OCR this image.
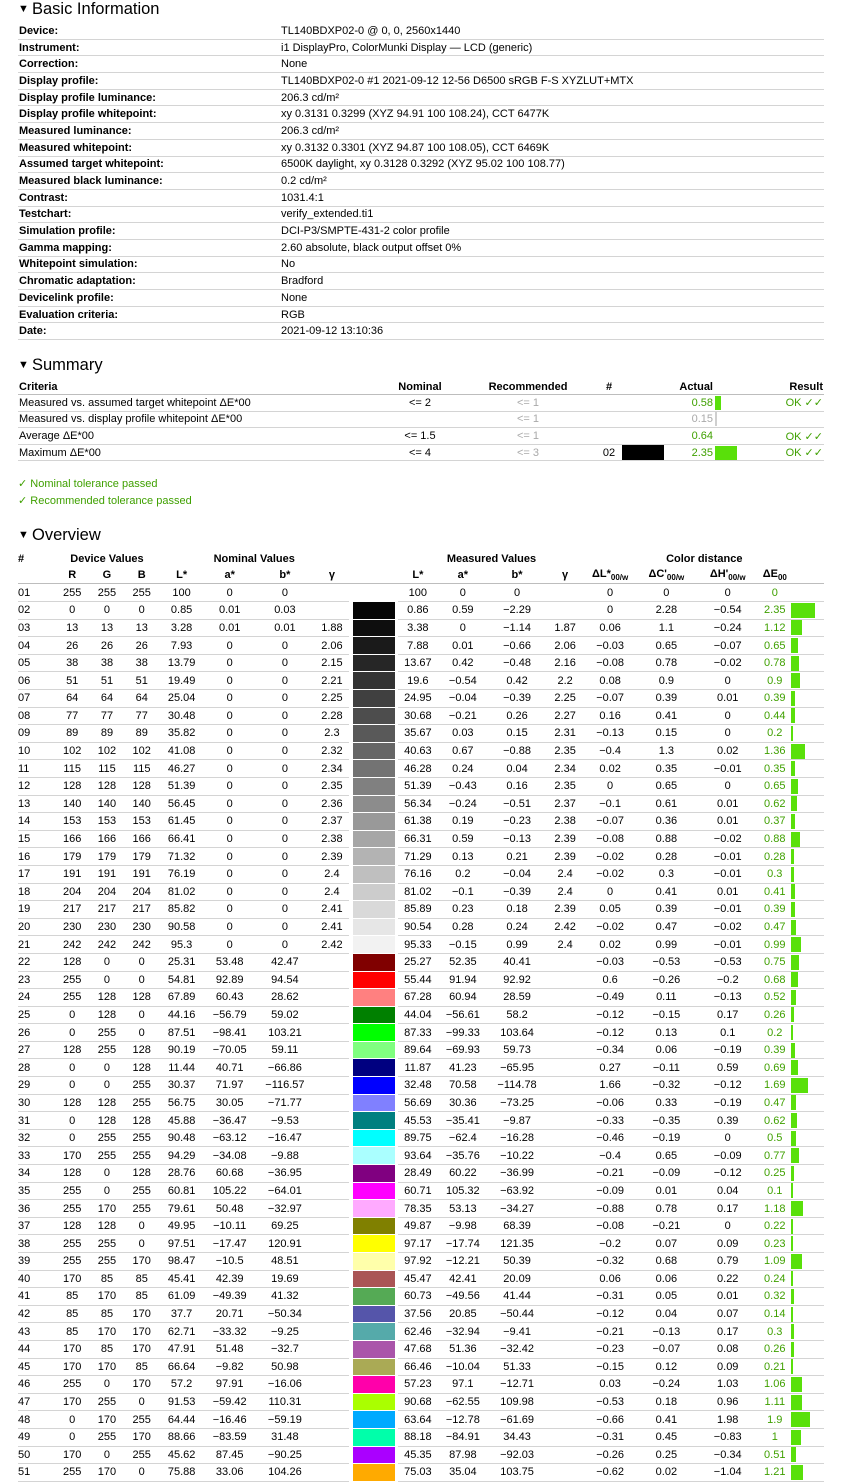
▼ Basic Information
Device:	TL140BDXP02-0 @ 0, 0, 2560x1440
Instrument:	i1 DisplayPro, ColorMunki Display — LCD (generic)
Correction:	None
Display profile:	TL140BDXP02-0 #1 2021-09-12 12-56 D6500 sRGB F-S XYZLUT+MTX
Display profile luminance:	206.3 cd/m²
Display profile whitepoint:	xy 0.3131 0.3299 (XYZ 94.91 100 108.24), CCT 6477K
Measured luminance:	206.3 cd/m²
Measured whitepoint:	xy 0.3132 0.3301 (XYZ 94.87 100 108.05), CCT 6469K
Assumed target whitepoint:	6500K daylight, xy 0.3128 0.3292 (XYZ 95.02 100 108.77)
Measured black luminance:	0.2 cd/m²
Contrast:	1031.4:1
Testchart:	verify_extended.ti1
Simulation profile:	DCI-P3/SMPTE-431-2 color profile
Gamma mapping:	2.60 absolute, black output offset 0%
Whitepoint simulation:	No
Chromatic adaptation:	Bradford
Devicelink profile:	None
Evaluation criteria:	RGB
Date:	2021-09-12 13:10:36
▼ Summary
Criteria	Nominal	Recommended	#		Actual		Result
Measured vs. assumed target whitepoint ΔE*00	<= 2	<= 1			0.58		OK ✓✓
Measured vs. display profile whitepoint ΔE*00		<= 1			0.15		
Average ΔE*00	<= 1.5	<= 1			0.64		OK ✓✓
Maximum ΔE*00	<= 4	<= 3	02		2.35		OK ✓✓
✓ Nominal tolerance passed
✓ Recommended tolerance passed
▼ Overview
#	Device Values			Nominal Values					Measured Values				Color distance				
	R	G	B	L*	a*	b*	γ		L*	a*	b*	γ	$\Delta L*_{00/w}$	$\Delta C'_{00/w}$	$\Delta H'_{00/w}$	$\Delta E_{00}$	
01	255	255	255	100	0	0			100	0	0		0	0	0	0	
02	0	0	0	0.85	0.01	0.03			0.86	0.59	−2.29		0	2.28	−0.54	2.35	
03	13	13	13	3.28	0.01	0.01	1.88		3.38	0	−1.14	1.87	0.06	1.1	−0.24	1.12	
04	26	26	26	7.93	0	0	2.06		7.88	0.01	−0.66	2.06	−0.03	0.65	−0.07	0.65	
05	38	38	38	13.79	0	0	2.15		13.67	0.42	−0.48	2.16	−0.08	0.78	−0.02	0.78	
06	51	51	51	19.49	0	0	2.21		19.6	−0.54	0.42	2.2	0.08	0.9	0	0.9	
07	64	64	64	25.04	0	0	2.25		24.95	−0.04	−0.39	2.25	−0.07	0.39	0.01	0.39	
08	77	77	77	30.48	0	0	2.28		30.68	−0.21	0.26	2.27	0.16	0.41	0	0.44	
09	89	89	89	35.82	0	0	2.3		35.67	0.03	0.15	2.31	−0.13	0.15	0	0.2	
10	102	102	102	41.08	0	0	2.32		40.63	0.67	−0.88	2.35	−0.4	1.3	0.02	1.36	
11	115	115	115	46.27	0	0	2.34		46.28	0.24	0.04	2.34	0.02	0.35	−0.01	0.35	
12	128	128	128	51.39	0	0	2.35		51.39	−0.43	0.16	2.35	0	0.65	0	0.65	
13	140	140	140	56.45	0	0	2.36		56.34	−0.24	−0.51	2.37	−0.1	0.61	0.01	0.62	
14	153	153	153	61.45	0	0	2.37		61.38	0.19	−0.23	2.38	−0.07	0.36	0.01	0.37	
15	166	166	166	66.41	0	0	2.38		66.31	0.59	−0.13	2.39	−0.08	0.88	−0.02	0.88	
16	179	179	179	71.32	0	0	2.39		71.29	0.13	0.21	2.39	−0.02	0.28	−0.01	0.28	
17	191	191	191	76.19	0	0	2.4		76.16	0.2	−0.04	2.4	−0.02	0.3	−0.01	0.3	
18	204	204	204	81.02	0	0	2.4		81.02	−0.1	−0.39	2.4	0	0.41	0.01	0.41	
19	217	217	217	85.82	0	0	2.41		85.89	0.23	0.18	2.39	0.05	0.39	−0.01	0.39	
20	230	230	230	90.58	0	0	2.41		90.54	0.28	0.24	2.42	−0.02	0.47	−0.02	0.47	
21	242	242	242	95.3	0	0	2.42		95.33	−0.15	0.99	2.4	0.02	0.99	−0.01	0.99	
22	128	0	0	25.31	53.48	42.47			25.27	52.35	40.41		−0.03	−0.53	−0.53	0.75	
23	255	0	0	54.81	92.89	94.54			55.44	91.94	92.92		0.6	−0.26	−0.2	0.68	
24	255	128	128	67.89	60.43	28.62			67.28	60.94	28.59		−0.49	0.11	−0.13	0.52	
25	0	128	0	44.16	−56.79	59.02			44.04	−56.61	58.2		−0.12	−0.15	0.17	0.26	
26	0	255	0	87.51	−98.41	103.21			87.33	−99.33	103.64		−0.12	0.13	0.1	0.2	
27	128	255	128	90.19	−70.05	59.11			89.64	−69.93	59.73		−0.34	0.06	−0.19	0.39	
28	0	0	128	11.44	40.71	−66.86			11.87	41.23	−65.95		0.27	−0.11	0.59	0.69	
29	0	0	255	30.37	71.97	−116.57			32.48	70.58	−114.78		1.66	−0.32	−0.12	1.69	
30	128	128	255	56.75	30.05	−71.77			56.69	30.36	−73.25		−0.06	0.33	−0.19	0.47	
31	0	128	128	45.88	−36.47	−9.53			45.53	−35.41	−9.87		−0.33	−0.35	0.39	0.62	
32	0	255	255	90.48	−63.12	−16.47			89.75	−62.4	−16.28		−0.46	−0.19	0	0.5	
33	170	255	255	94.29	−34.08	−9.88			93.64	−35.76	−10.22		−0.4	0.65	−0.09	0.77	
34	128	0	128	28.76	60.68	−36.95			28.49	60.22	−36.99		−0.21	−0.09	−0.12	0.25	
35	255	0	255	60.81	105.22	−64.01			60.71	105.32	−63.92		−0.09	0.01	0.04	0.1	
36	255	170	255	79.61	50.48	−32.97			78.35	53.13	−34.27		−0.88	0.78	0.17	1.18	
37	128	128	0	49.95	−10.11	69.25			49.87	−9.98	68.39		−0.08	−0.21	0	0.22	
38	255	255	0	97.51	−17.47	120.91			97.17	−17.74	121.35		−0.2	0.07	0.09	0.23	
39	255	255	170	98.47	−10.5	48.51			97.92	−12.21	50.39		−0.32	0.68	0.79	1.09	
40	170	85	85	45.41	42.39	19.69			45.47	42.41	20.09		0.06	0.06	0.22	0.24	
41	85	170	85	61.09	−49.39	41.32			60.73	−49.56	41.44		−0.31	0.05	0.01	0.32	
42	85	85	170	37.7	20.71	−50.34			37.56	20.85	−50.44		−0.12	0.04	0.07	0.14	
43	85	170	170	62.71	−33.32	−9.25			62.46	−32.94	−9.41		−0.21	−0.13	0.17	0.3	
44	170	85	170	47.91	51.48	−32.7			47.68	51.36	−32.42		−0.23	−0.07	0.08	0.26	
45	170	170	85	66.64	−9.82	50.98			66.46	−10.04	51.33		−0.15	0.12	0.09	0.21	
46	255	0	170	57.2	97.91	−16.06			57.23	97.1	−12.71		0.03	−0.24	1.03	1.06	
47	170	255	0	91.53	−59.42	110.31			90.68	−62.55	109.98		−0.53	0.18	0.96	1.11	
48	0	170	255	64.44	−16.46	−59.19			63.64	−12.78	−61.69		−0.66	0.41	1.98	1.9	
49	0	255	170	88.66	−83.59	31.48			88.18	−84.91	34.43		−0.31	0.45	−0.83	1	
50	170	0	255	45.62	87.45	−90.25			45.35	87.98	−92.03		−0.26	0.25	−0.34	0.51	
51	255	170	0	75.88	33.06	104.26			75.03	35.04	103.75		−0.62	0.02	−1.04	1.21	
